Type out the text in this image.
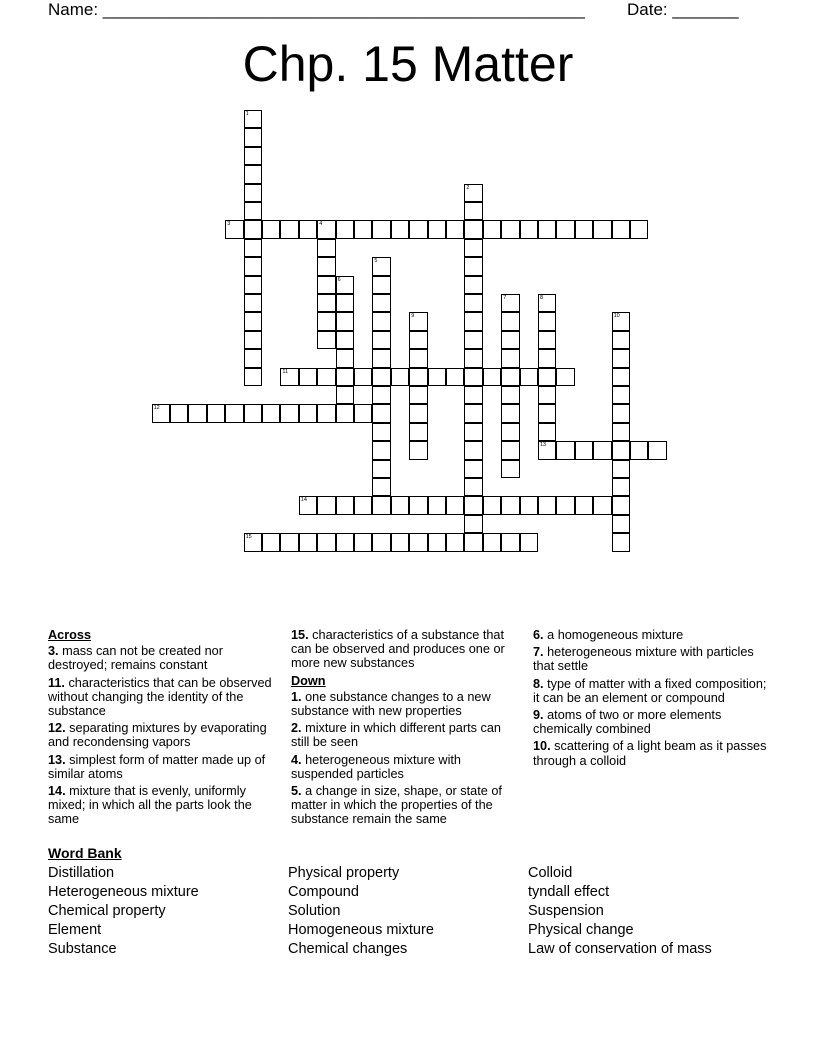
Name: ___________________________________________________ Date: _______
Chp. 15 Matter
1
2
3	4
5
6
7	8
13
9	10
11
12
14
15
Across
3. mass can not be created nor destroyed; remains constant
11. characteristics that can be observed without changing the identity of the substance
12. separating mixtures by evaporating and recondensing vapors
13. simplest form of matter made up of similar atoms
14. mixture that is evenly, uniformly mixed; in which all the parts look the same
15. characteristics of a substance that can be observed and produces one or more new substances
Down
1. one substance changes to a new substance with new properties
2. mixture in which different parts can still be seen
4. heterogeneous mixture with suspended particles
5. a change in size, shape, or state of matter in which the properties of the substance remain the same
6. a homogeneous mixture
7. heterogeneous mixture with particles that settle
8. type of matter with a fixed composition; it can be an element or compound
9. atoms of two or more elements chemically combined
10. scattering of a light beam as it passes through a colloid
Word Bank
Distillation
Heterogeneous mixture
Chemical property
Element
Substance
Physical property
Compound
Solution
Homogeneous mixture
Chemical changes
Colloid
tyndall effect
Suspension
Physical change
Law of conservation of mass
